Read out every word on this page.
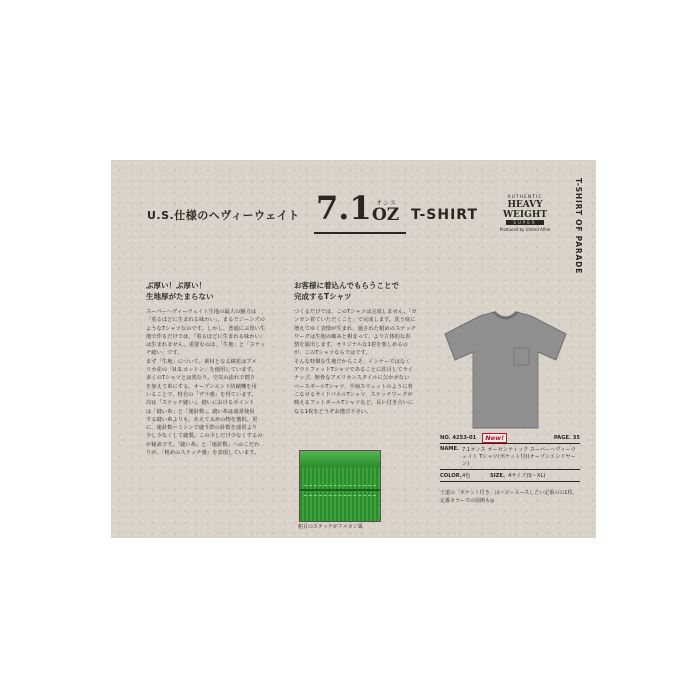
U.S.仕様のヘヴィーウェイト 7.1 オンス
OZ T-SHIRT
AUTHENTIC
HEAVY WEIGHT
SUPER
Produced by United Athle	T-SHIRT OF PARADE
ぶ厚い！ぶ厚い！
生地厚がたまらない
スーパーヘヴィーウェイト生地の最大の魅力は
「着るほどに生まれる味わい」。まるでジーンズの
ようなTシャツなのです。しかし、普通にぶ厚い生
地で作るだけでは、「着るほどに生まれる味わい」
は生まれません。重要なのは、「生地」と「ステッ
チ縫い」です。
まず「生地」について。素材となる綿花はアメ
リカ産の「U.S.コットン」を使用しています。
多くのTシャツとは異なり、空気の流れで撚り
を加えて糸にする、オープンエンド紡績機を用
いることで、特有の「ザラ感」を得ています。
次は「ステッチ縫い」。縫いにおけるポイント
は「縫い糸」と「運針数」。縫い糸は通常使用
する縫い糸よりも、あえて太めの物を選択。更
に、運針数＝ミシンで縫う際の針数を通常より
少し少なくして縫製。この少しだけ少なくするの
が秘訣です。「縫い糸」と「運針数」へのこだわ
りが、「粗めのステッチ感」を表現しています。
お客様に着込んでもらうことで
完成するTシャツ
つくるだけでは、このTシャツは完成しません。「ガ
ンガン着ていただくこと」で完成します。洗う度に
増えてゆく表情が生まれ、施された粗めのステッチ
ワークは生地の縮みと相まって、より立体的な表
情を演出します。オリジナルな1着を楽しめるの
が、このTシャツならではです。
そんな特徴な生地だからこそ、インナーではなく
アウトフィットTシャツであることに註目してライ
ナップ。無骨なアメリカンスタイルに欠かせない
ベースボールTシャツ、半袖スウェットのように着
こなせるサイドパネルTシャツ、ステッチワークが
映えるフットボールTシャツなど、長い付き合いに
なる1枚をどうぞお選び下さい。
粗目のステッチがアメカジ風
NO. 4253-01	New!	PAGE. 35
NAME. 7.1オンス オーセンティック スーパーヘヴィーウェイト Tシャツ(ポケット付)(オープンエンドヤーン)
COLOR. 4色	SIZE. 4サイズ(S～XL)
王道の「ポケット付き」はヘビーユースしたい定番のの1枚。定番カラーでの展開も◎
